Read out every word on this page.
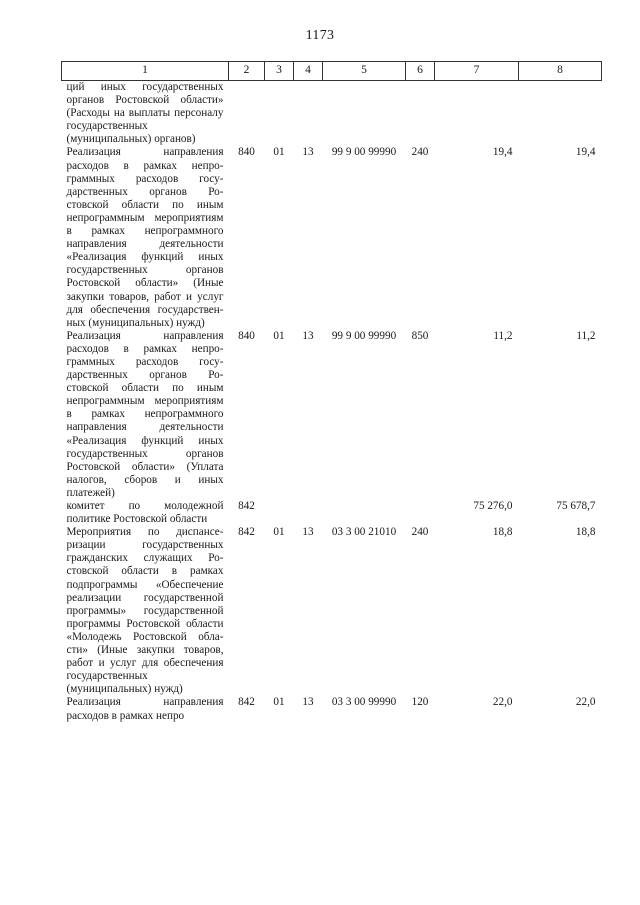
1173
1	2	3	4	5	6	7	8
ций иных государственных органов Ростовской области» (Расходы на выплаты персоналу государственных (муниципальных) органов)							
Реализация направления расходов в рамках непрограммных расходов государственных органов Ростовской области по иным непрограммным мероприятиям в рамках непрограммного направления деятельности «Реализация функций иных государственных органов Ростовской области» (Иные закупки товаров, работ и услуг для обеспечения государственных (муниципальных) нужд)	840	01	13	99 9 00 99990	240	19,4	19,4
Реализация направления расходов в рамках непрограммных расходов государственных органов Ростовской области по иным непрограммным мероприятиям в рамках непрограммного направления деятельности «Реализация функций иных государственных органов Ростовской области» (Уплата налогов, сборов и иных платежей)	840	01	13	99 9 00 99990	850	11,2	11,2
комитет по молодежной политике Ростовской области	842					75 276,0	75 678,7
Мероприятия по диспансеризации государственных гражданских служащих Ростовской области в рамках подпрограммы «Обеспечение реализации государственной программы» государственной программы Ростовской области «Молодежь Ростовской области» (Иные закупки товаров, работ и услуг для обеспечения государственных (муниципальных) нужд)	842	01	13	03 3 00 21010	240	18,8	18,8
Реализация направления расходов в рамках непро	842	01	13	03 3 00 99990	120	22,0	22,0
